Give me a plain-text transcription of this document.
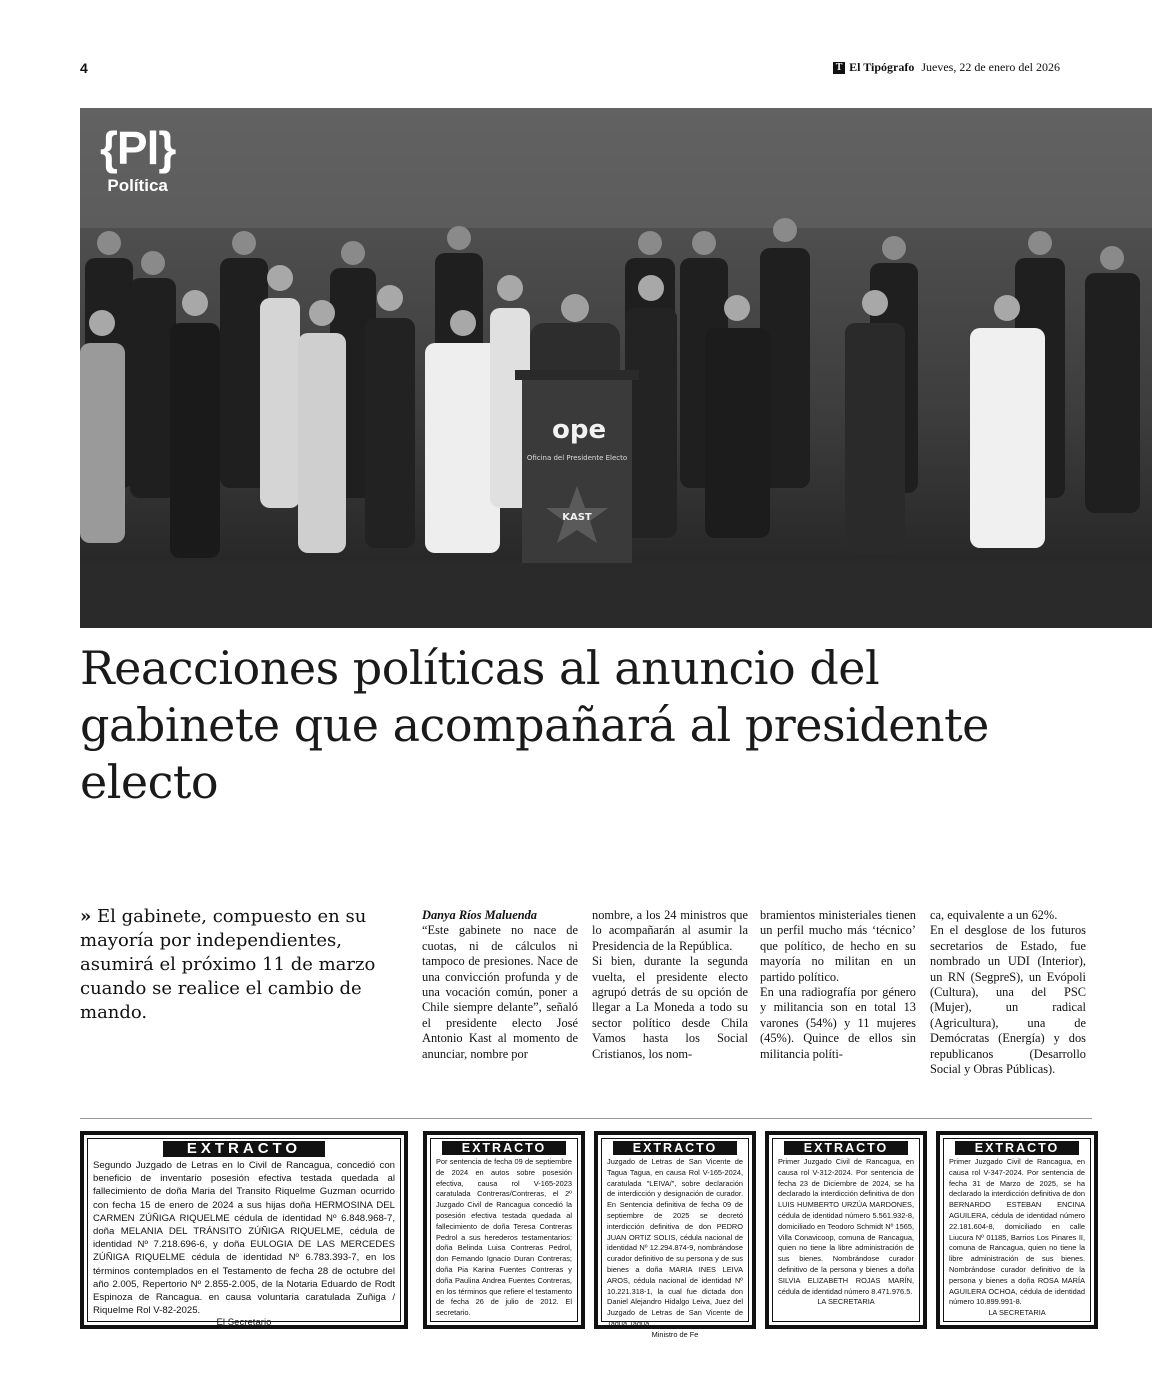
4	T El Tipógrafo Jueves, 22 de enero del 2026
ope
Oficina del Presidente Electo
KAST
{Pl}
Política
Reacciones políticas al anuncio del gabinete que acompañará al presidente electo

» El gabinete, compuesto en su mayoría por independientes, asumirá el próximo 11 de marzo cuando se realice el cambio de mando.

Danya Ríos Maluenda

“Este gabinete no nace de cuotas, ni de cálculos ni tampoco de presiones. Nace de una convicción profunda y de una vocación común, poner a Chile siempre delante”, señaló el presidente electo José Antonio Kast al momento de anunciar, nombre por

nombre, a los 24 ministros que lo acompañarán al asumir la Presidencia de la República.

Si bien, durante la segunda vuelta, el presidente electo agrupó detrás de su opción de llegar a La Moneda a todo su sector político desde Chila Vamos hasta los Social Cristianos, los nom-

bramientos ministeriales tienen un perfil mucho más ‘técnico’ que político, de hecho en su mayoría no militan en un partido político.

En una radiografía por género y militancia son en total 13 varones (54%) y 11 mujeres (45%). Quince de ellos sin militancia políti-

ca, equivalente a un 62%.

En el desglose de los futuros secretarios de Estado, fue nombrado un UDI (Interior), un RN (SegpreS), un Evópoli (Cultura), una del PSC (Mujer), un radical (Agricultura), una de Demócratas (Energía) y dos republicanos (Desarrollo Social y Obras Públicas).

EXTRACTO
Segundo Juzgado de Letras en lo Civil de Rancagua, concedió con beneficio de inventario posesión efectiva testada quedada al fallecimiento de doña Maria del Transito Riquelme Guzman ocurrido con fecha 15 de enero de 2024 a sus hijas doña HERMOSINA DEL CARMEN ZÚÑIGA RIQUELME cédula de identidad Nº 6.848.968-7, doña MELANIA DEL TRÁNSITO ZÚÑIGA RIQUELME, cédula de identidad Nº 7.218.696-6, y doña EULOGIA DE LAS MERCEDES ZÚÑIGA RIQUELME cédula de identidad Nº 6.783.393-7, en los términos contemplados en el Testamento de fecha 28 de octubre del año 2.005, Repertorio Nº 2.855-2.005, de la Notaria Eduardo de Rodt Espinoza de Rancagua. en causa voluntaria caratulada Zuñiga / Riquelme Rol V-82-2025.
El Secretario
EXTRACTO
Por sentencia de fecha 09 de septiembre de 2024 en autos sobre posesión efectiva, causa rol V-165-2023 caratulada Contreras/Contreras, el 2º Juzgado Civil de Rancagua concedió la posesión efectiva testada quedada al fallecimiento de doña Teresa Contreras Pedrol a sus herederos testamentarios: doña Belinda Luisa Contreras Pedrol, don Fernando Ignacio Duran Contreras; doña Pia Karina Fuentes Contreras y doña Paulina Andrea Fuentes Contreras, en los términos que refiere el testamento de fecha 26 de julio de 2012. El secretario.
EXTRACTO
Juzgado de Letras de San Vicente de Tagua Tagua, en causa Rol V-165-2024, caratulada "LEIVA/", sobre declaración de interdicción y designación de curador. En Sentencia definitiva de fecha 09 de septiembre de 2025 se decretó interdicción definitiva de don PEDRO JUAN ORTIZ SOLIS, cédula nacional de identidad Nº 12.294.874-9, nombrándose curador definitivo de su persona y de sus bienes a doña MARIA INES LEIVA AROS, cédula nacional de identidad Nº 10.221.318-1, la cual fue dictada don Daniel Alejandro Hidalgo Leiva, Juez del Juzgado de Letras de San Vicente de Tagua Tagua.
Ministro de Fe
EXTRACTO
Primer Juzgado Civil de Rancagua, en causa rol V-312-2024. Por sentencia de fecha 23 de Diciembre de 2024, se ha declarado la interdicción definitiva de don LUIS HUMBERTO URZÚA MARDONES, cédula de identidad número 5.561.932-8, domiciliado en Teodoro Schmidt Nº 1565, Villa Conavicoop, comuna de Rancagua, quien no tiene la libre administración de sus bienes. Nombrándose curador definitivo de la persona y bienes a doña SILVIA ELIZABETH ROJAS MARÍN, cédula de identidad número 8.471.976.5.
LA SECRETARIA
EXTRACTO
Primer Juzgado Civil de Rancagua, en causa rol V-347-2024. Por sentencia de fecha 31 de Marzo de 2025, se ha declarado la interdicción definitiva de don BERNARDO ESTEBAN ENCINA AGUILERA, cédula de identidad número 22.181.604-8, domiciliado en calle Liucura Nº 01185, Barrios Los Pinares II, comuna de Rancagua, quien no tiene la libre administración de sus bienes. Nombrándose curador definitivo de la persona y bienes a doña ROSA MARÍA AGUILERA OCHOA, cédula de identidad número 10.899.991-8.
LA SECRETARIA
